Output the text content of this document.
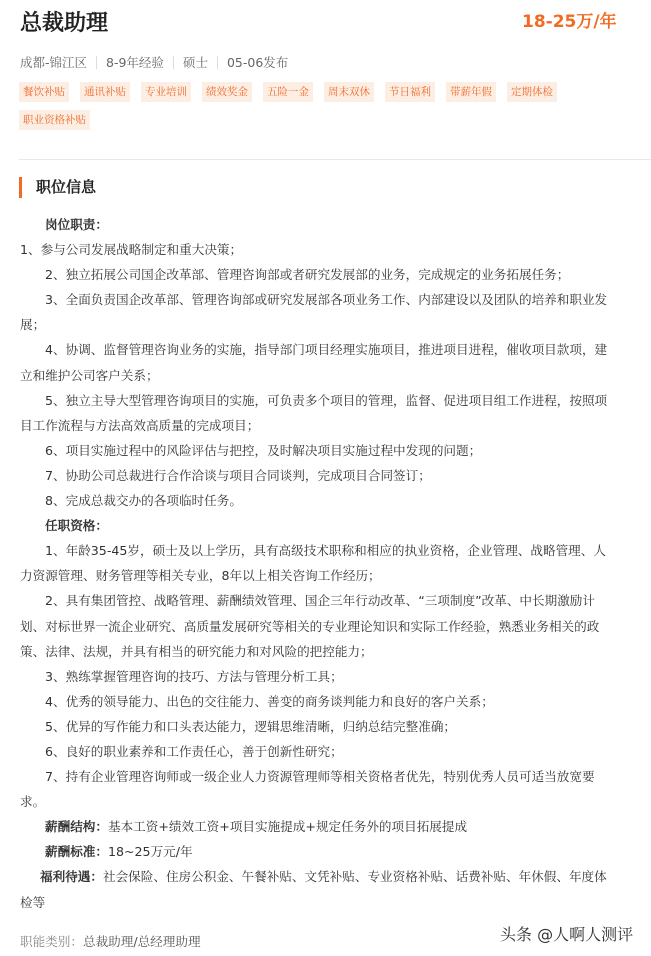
总裁助理	18-25万/年
成都-锦江区 8-9年经验 硕士 05-06发布
餐饮补贴	通讯补贴	专业培训	绩效奖金	五险一金	周末双休	节日福利	带薪年假	定期体检
职业资格补贴
职位信息

岗位职责：

1、参与公司发展战略制定和重大决策；

2、独立拓展公司国企改革部、管理咨询部或者研究发展部的业务，完成规定的业务拓展任务；

3、全面负责国企改革部、管理咨询部或研究发展部各项业务工作、内部建设以及团队的培养和职业发展；

4、协调、监督管理咨询业务的实施，指导部门项目经理实施项目，推进项目进程，催收项目款项，建立和维护公司客户关系；

5、独立主导大型管理咨询项目的实施，可负责多个项目的管理，监督、促进项目组工作进程，按照项目工作流程与方法高效高质量的完成项目；

6、项目实施过程中的风险评估与把控，及时解决项目实施过程中发现的问题；

7、协助公司总裁进行合作洽谈与项目合同谈判，完成项目合同签订；

8、完成总裁交办的各项临时任务。

任职资格：

1、年龄35-45岁，硕士及以上学历，具有高级技术职称和相应的执业资格，企业管理、战略管理、人力资源管理、财务管理等相关专业，8年以上相关咨询工作经历；

2、具有集团管控、战略管理、薪酬绩效管理、国企三年行动改革、“三项制度”改革、中长期激励计划、对标世界一流企业研究、高质量发展研究等相关的专业理论知识和实际工作经验，熟悉业务相关的政策、法律、法规，并具有相当的研究能力和对风险的把控能力；

3、熟练掌握管理咨询的技巧、方法与管理分析工具；

4、优秀的领导能力、出色的交往能力、善变的商务谈判能力和良好的客户关系；

5、优异的写作能力和口头表达能力，逻辑思维清晰，归纳总结完整准确；

6、良好的职业素养和工作责任心，善于创新性研究；

7、持有企业管理咨询师或一级企业人力资源管理师等相关资格者优先，特别优秀人员可适当放宽要求。

薪酬结构：基本工资+绩效工资+项目实施提成+规定任务外的项目拓展提成

薪酬标准：18~25万元/年

福利待遇：社会保险、住房公积金、午餐补贴、文凭补贴、专业资格补贴、话费补贴、年休假、年度体检等

职能类别：总裁助理/总经理助理	头条 @人啊人测评
